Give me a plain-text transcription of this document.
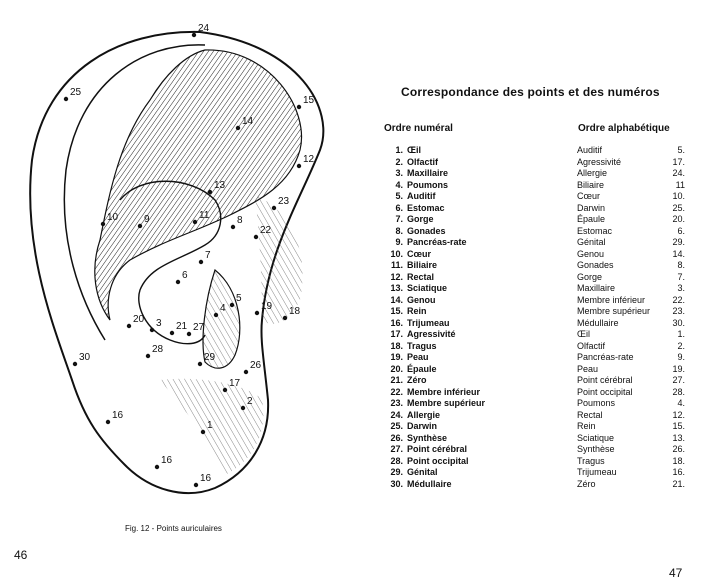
1
2
3
4
5
6
7
8
9
10	11
12
13
14
15
16
16
16
17
18
19
20
21
22
23
24
25
26
27
28
29
30
Fig. 12 - Points auriculaires
46
47
Correspondance des points et des numéros
Ordre numéral	Ordre alphabétique
1. Œil
2. Olfactif
3. Maxillaire
4. Poumons
5. Auditif
6. Estomac
7. Gorge
8. Gonades
9. Pancréas-rate
10. Cœur
11. Biliaire
12. Rectal
13. Sciatique
14. Genou
15. Rein
16. Trijumeau
17. Agressivité
18. Tragus
19. Peau
20. Épaule
21. Zéro
22. Membre inférieur
23. Membre supérieur
24. Allergie
25. Darwin
26. Synthèse
27. Point cérébral
28. Point occipital
29. Génital
30. Médullaire
Auditif	5.
Agressivité	17.
Allergie	24.
Biliaire	11
Cœur	10.
Darwin	25.
Épaule	20.
Estomac	6.
Génital	29.
Genou	14.
Gonades	8.
Gorge	7.
Maxillaire	3.
Membre inférieur	22.
Membre supérieur 23.
Médullaire	30.
Œil	1.
Olfactif	2.
Pancréas-rate	9.
Peau	19.
Point cérébral	27.
Point occipital	28.
Poumons	4.
Rectal	12.
Rein	15.
Sciatique	13.
Synthèse	26.
Tragus	18.
Trijumeau	16.
Zéro	21.
